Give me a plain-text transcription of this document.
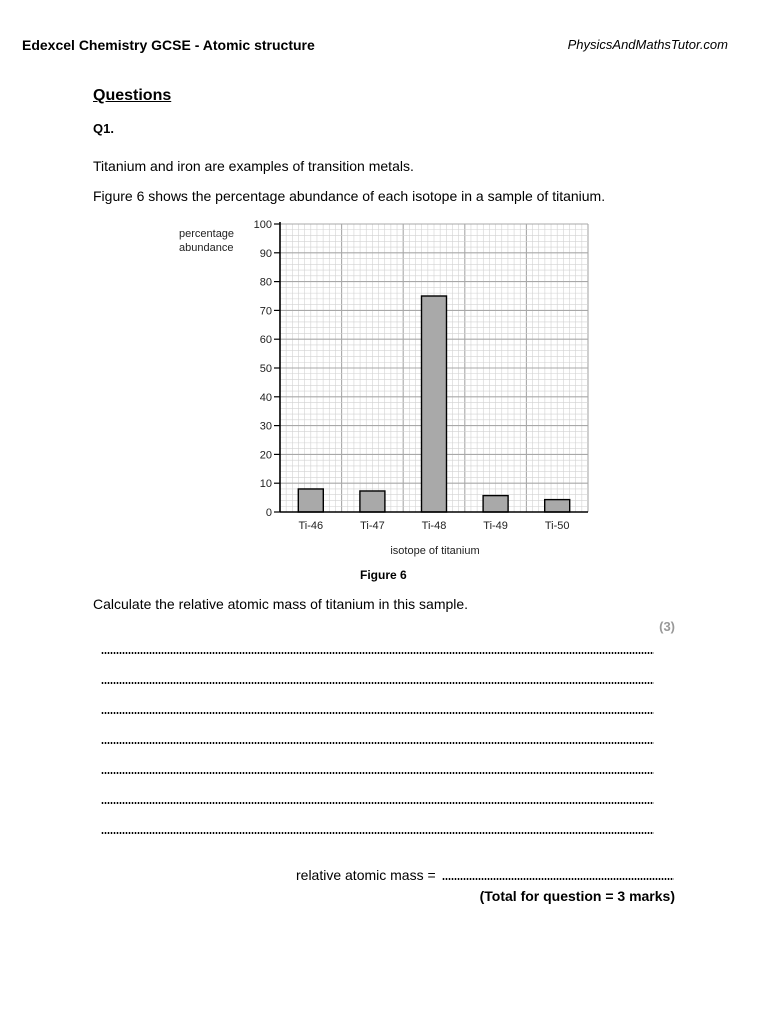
Edexcel Chemistry GCSE - Atomic structure	PhysicsAndMathsTutor.com
Questions
Q1.
Titanium and iron are examples of transition metals.
Figure 6 shows the percentage abundance of each isotope in a sample of titanium.
0
10
20
30
40
50
60
70
80
90
100
Ti-46	Ti-47	Ti-48	Ti-49	Ti-50
percentage
abundance
isotope of titanium
Figure 6
Calculate the relative atomic mass of titanium in this sample.
(3)
relative atomic mass =
(Total for question = 3 marks)
